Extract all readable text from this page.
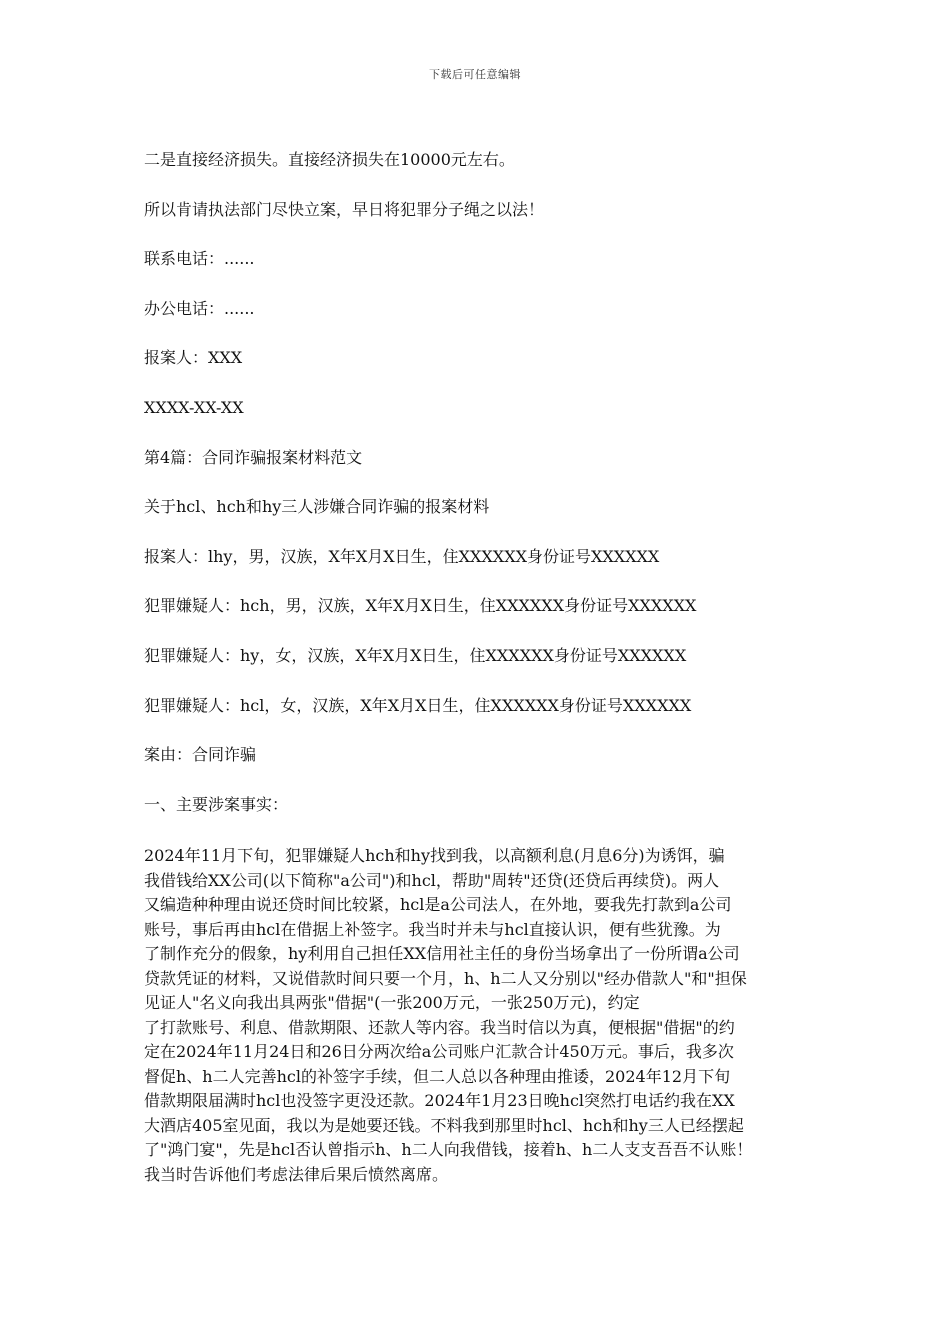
下载后可任意编辑
二是直接经济损失。直接经济损失在10000元左右。
所以肯请执法部门尽快立案，早日将犯罪分子绳之以法！
联系电话：......
办公电话：......
报案人：XXX
XXXX-XX-XX
第4篇：合同诈骗报案材料范文
关于hcl、hch和hy三人涉嫌合同诈骗的报案材料
报案人：lhy，男，汉族，X年X月X日生，住XXXXXX身份证号XXXXXX
犯罪嫌疑人：hch，男，汉族，X年X月X日生，住XXXXXX身份证号XXXXXX
犯罪嫌疑人：hy，女，汉族，X年X月X日生，住XXXXXX身份证号XXXXXX
犯罪嫌疑人：hcl，女，汉族，X年X月X日生，住XXXXXX身份证号XXXXXX
案由：合同诈骗
一、主要涉案事实：
2024年11月下旬，犯罪嫌疑人hch和hy找到我，以高额利息(月息6分)为诱饵，骗
我借钱给XX公司(以下简称"a公司")和hcl，帮助"周转"还贷(还贷后再续贷)。两人
又编造种种理由说还贷时间比较紧，hcl是a公司法人，在外地，要我先打款到a公司
账号，事后再由hcl在借据上补签字。我当时并未与hcl直接认识，便有些犹豫。为
了制作充分的假象，hy利用自己担任XX信用社主任的身份当场拿出了一份所谓a公司
贷款凭证的材料，又说借款时间只要一个月，h、h二人又分别以"经办借款人"和"担保
见证人"名义向我出具两张"借据"(一张200万元，一张250万元)，约定
了打款账号、利息、借款期限、还款人等内容。我当时信以为真，便根据"借据"的约
定在2024年11月24日和26日分两次给a公司账户汇款合计450万元。事后，我多次
督促h、h二人完善hcl的补签字手续，但二人总以各种理由推诿，2024年12月下旬
借款期限届满时hcl也没签字更没还款。2024年1月23日晚hcl突然打电话约我在XX
大酒店405室见面，我以为是她要还钱。不料我到那里时hcl、hch和hy三人已经摆起
了"鸿门宴"，先是hcl否认曾指示h、h二人向我借钱，接着h、h二人支支吾吾不认账！
我当时告诉他们考虑法律后果后愤然离席。
